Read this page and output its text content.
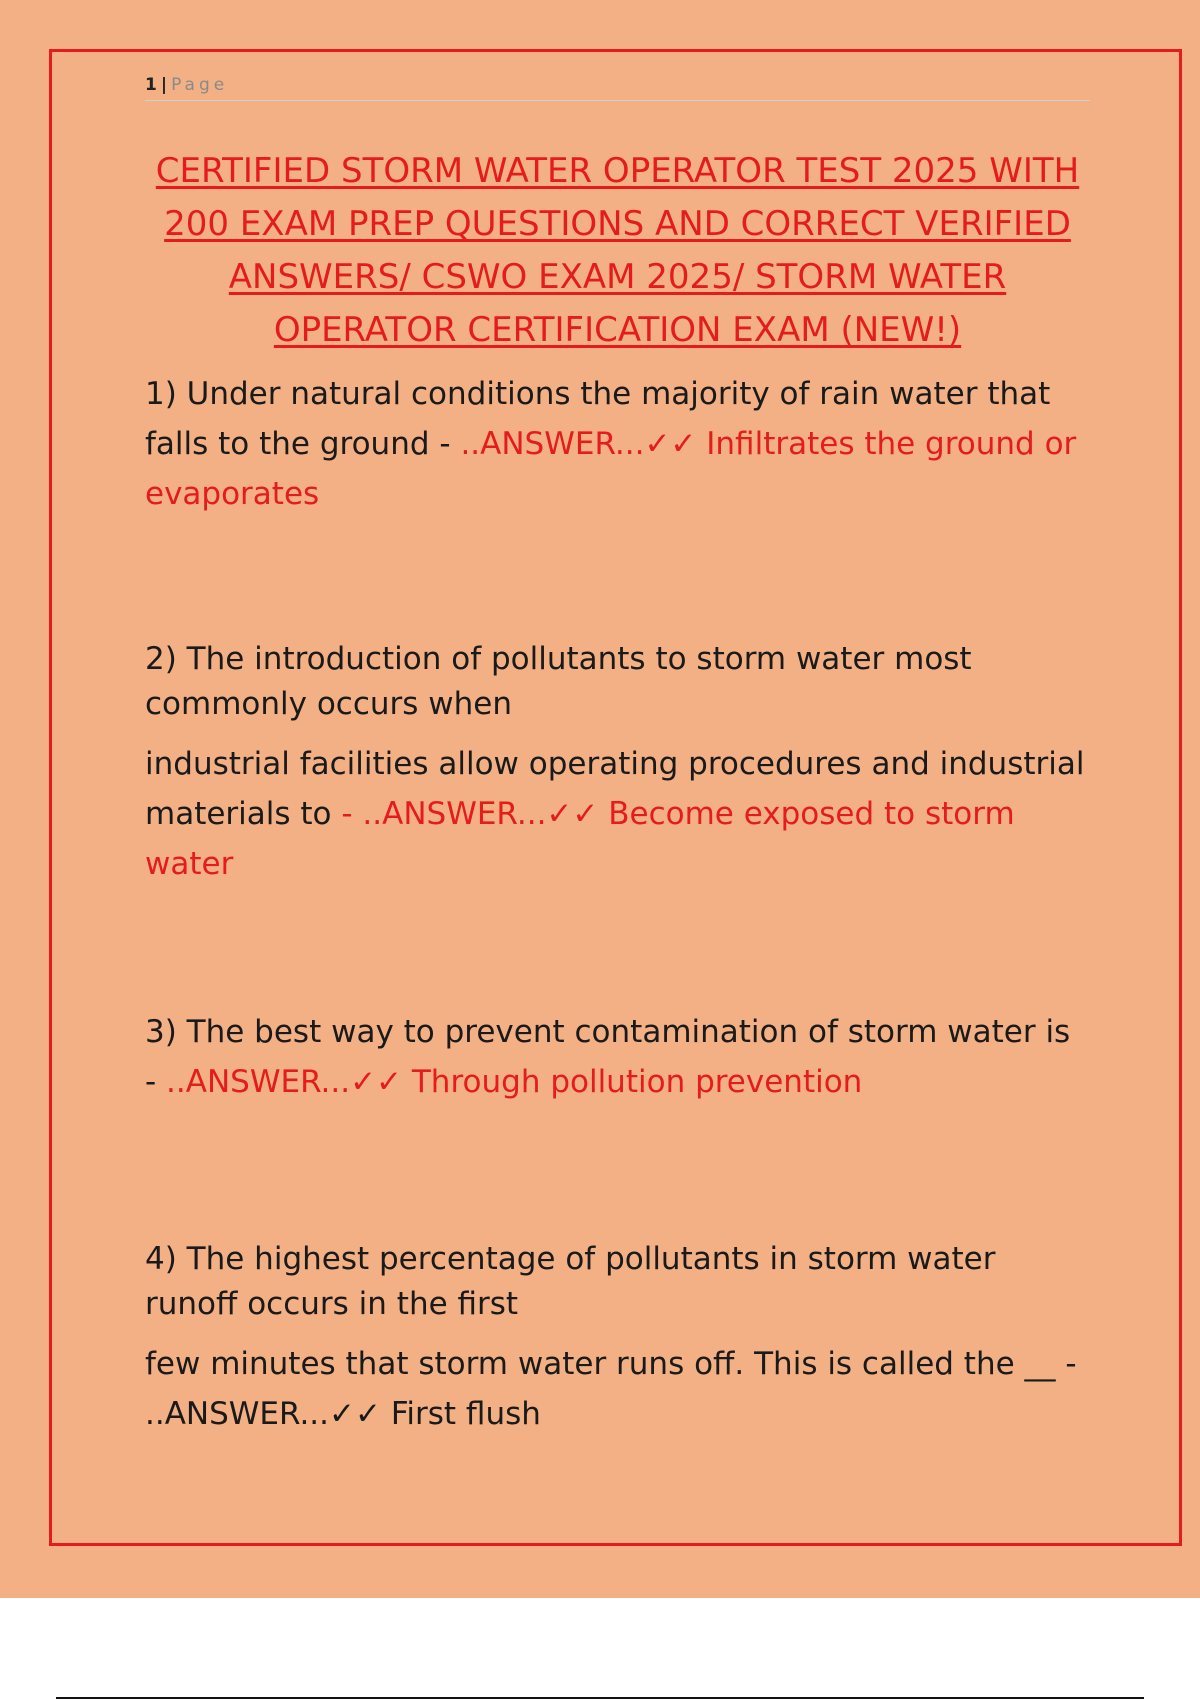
1 | Page
CERTIFIED STORM WATER OPERATOR TEST 2025 WITH 200 EXAM PREP QUESTIONS AND CORRECT VERIFIED ANSWERS/ CSWO EXAM 2025/ STORM WATER OPERATOR CERTIFICATION EXAM (NEW!)

1) Under natural conditions the majority of rain water that falls to the ground - ..ANSWER...✓✓ Infiltrates the ground or evaporates

2) The introduction of pollutants to storm water most commonly occurs when

industrial facilities allow operating procedures and industrial materials to - ..ANSWER...✓✓ Become exposed to storm water

3) The best way to prevent contamination of storm water is - ..ANSWER...✓✓ Through pollution prevention

4) The highest percentage of pollutants in storm water runoff occurs in the first

few minutes that storm water runs off. This is called the __ - ..ANSWER...✓✓ First flush
